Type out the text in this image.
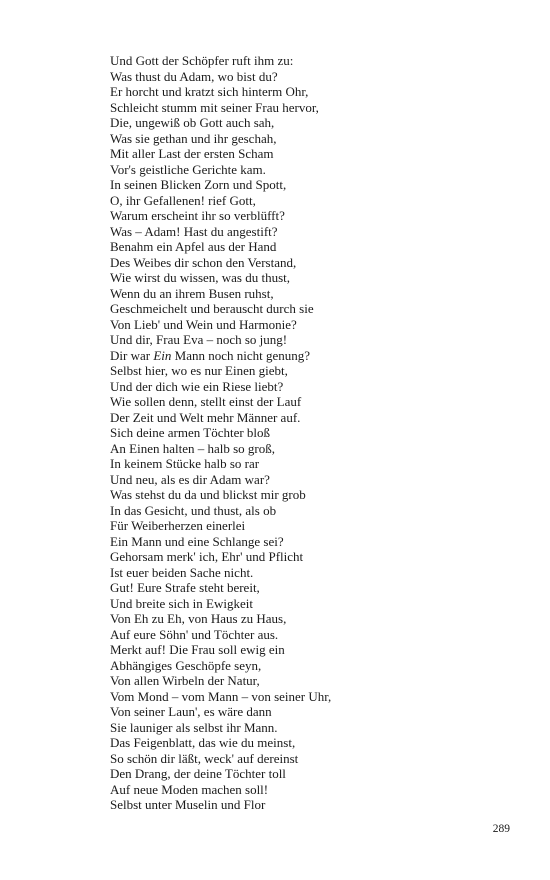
Und Gott der Schöpfer ruft ihm zu:
Was thust du Adam, wo bist du?
Er horcht und kratzt sich hinterm Ohr,
Schleicht stumm mit seiner Frau hervor,
Die, ungewiß ob Gott auch sah,
Was sie gethan und ihr geschah,
Mit aller Last der ersten Scham
Vor's geistliche Gerichte kam.
In seinen Blicken Zorn und Spott,
O, ihr Gefallenen! rief Gott,
Warum erscheint ihr so verblüfft?
Was – Adam! Hast du angestift?
Benahm ein Apfel aus der Hand
Des Weibes dir schon den Verstand,
Wie wirst du wissen, was du thust,
Wenn du an ihrem Busen ruhst,
Geschmeichelt und berauscht durch sie
Von Lieb' und Wein und Harmonie?
Und dir, Frau Eva – noch so jung!
Dir war Ein Mann noch nicht genung?
Selbst hier, wo es nur Einen giebt,
Und der dich wie ein Riese liebt?
Wie sollen denn, stellt einst der Lauf
Der Zeit und Welt mehr Männer auf.
Sich deine armen Töchter bloß
An Einen halten – halb so groß,
In keinem Stücke halb so rar
Und neu, als es dir Adam war?
Was stehst du da und blickst mir grob
In das Gesicht, und thust, als ob
Für Weiberherzen einerlei
Ein Mann und eine Schlange sei?
Gehorsam merk' ich, Ehr' und Pflicht
Ist euer beiden Sache nicht.
Gut! Eure Strafe steht bereit,
Und breite sich in Ewigkeit
Von Eh zu Eh, von Haus zu Haus,
Auf eure Söhn' und Töchter aus.
Merkt auf! Die Frau soll ewig ein
Abhängiges Geschöpfe seyn,
Von allen Wirbeln der Natur,
Vom Mond – vom Mann – von seiner Uhr,
Von seiner Laun', es wäre dann
Sie launiger als selbst ihr Mann.
Das Feigenblatt, das wie du meinst,
So schön dir läßt, weck' auf dereinst
Den Drang, der deine Töchter toll
Auf neue Moden machen soll!
Selbst unter Muselin und Flor
289
